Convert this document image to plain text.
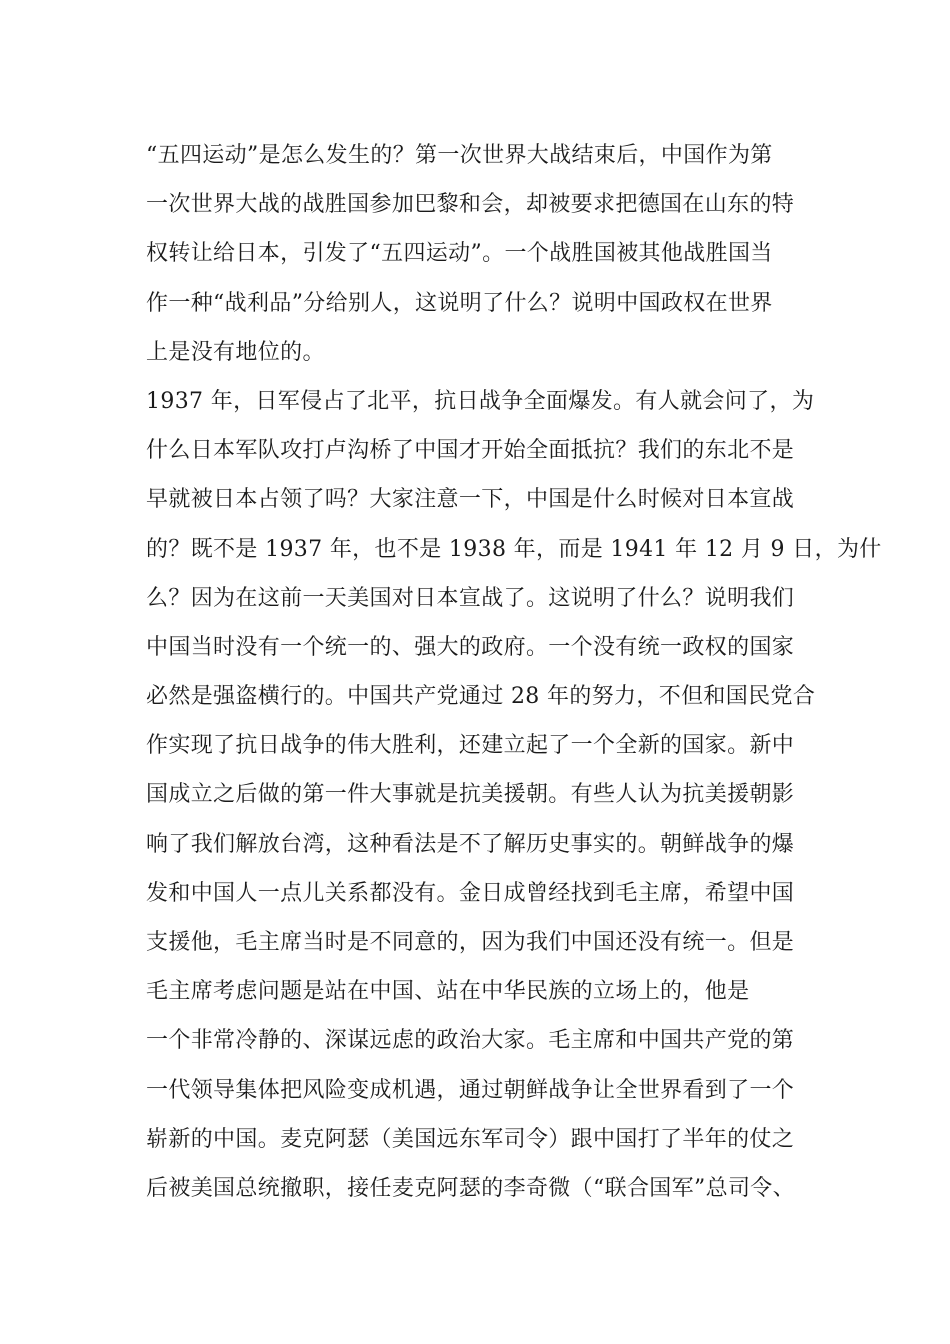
“五四运动”是怎么发生的？第一次世界大战结束后，中国作为第
一次世界大战的战胜国参加巴黎和会，却被要求把德国在山东的特
权转让给日本，引发了“五四运动”。一个战胜国被其他战胜国当
作一种“战利品”分给别人，这说明了什么？说明中国政权在世界
上是没有地位的。
1937 年，日军侵占了北平，抗日战争全面爆发。有人就会问了，为
什么日本军队攻打卢沟桥了中国才开始全面抵抗？我们的东北不是
早就被日本占领了吗？大家注意一下，中国是什么时候对日本宣战
的？既不是 1937 年，也不是 1938 年，而是 1941 年 12 月 9 日，为什
么？因为在这前一天美国对日本宣战了。这说明了什么？说明我们
中国当时没有一个统一的、强大的政府。一个没有统一政权的国家
必然是强盗横行的。中国共产党通过 28 年的努力，不但和国民党合
作实现了抗日战争的伟大胜利，还建立起了一个全新的国家。新中
国成立之后做的第一件大事就是抗美援朝。有些人认为抗美援朝影
响了我们解放台湾，这种看法是不了解历史事实的。朝鲜战争的爆
发和中国人一点儿关系都没有。金日成曾经找到毛主席，希望中国
支援他，毛主席当时是不同意的，因为我们中国还没有统一。但是
毛主席考虑问题是站在中国、站在中华民族的立场上的，他是
一个非常冷静的、深谋远虑的政治大家。毛主席和中国共产党的第
一代领导集体把风险变成机遇，通过朝鲜战争让全世界看到了一个
崭新的中国。麦克阿瑟（美国远东军司令）跟中国打了半年的仗之
后被美国总统撤职，接任麦克阿瑟的李奇微（“联合国军”总司令、
